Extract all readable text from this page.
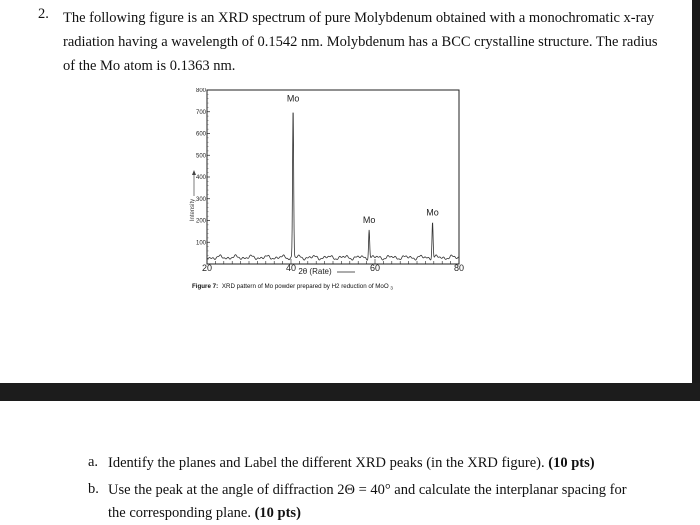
2. The following figure is an XRD spectrum of pure Molybdenum obtained with a monochromatic x-ray
radiation having a wavelength of 0.1542 nm. Molybdenum has a BCC crystalline structure. The radius
of the Mo atom is 0.1363 nm.
100
200
300
400
500
600
700
800
20	40	60	80
Mo
Mo
Mo
Intensity
2θ (Rate)
Figure 7: XRD pattern of Mo powder prepared by H2 reduction of MoO $_3$
a. Identify the planes and Label the different XRD peaks (in the XRD figure). (10 pts)
b. Use the peak at the angle of diffraction 2Θ = 40° and calculate the interplanar spacing for
the corresponding plane. (10 pts)
